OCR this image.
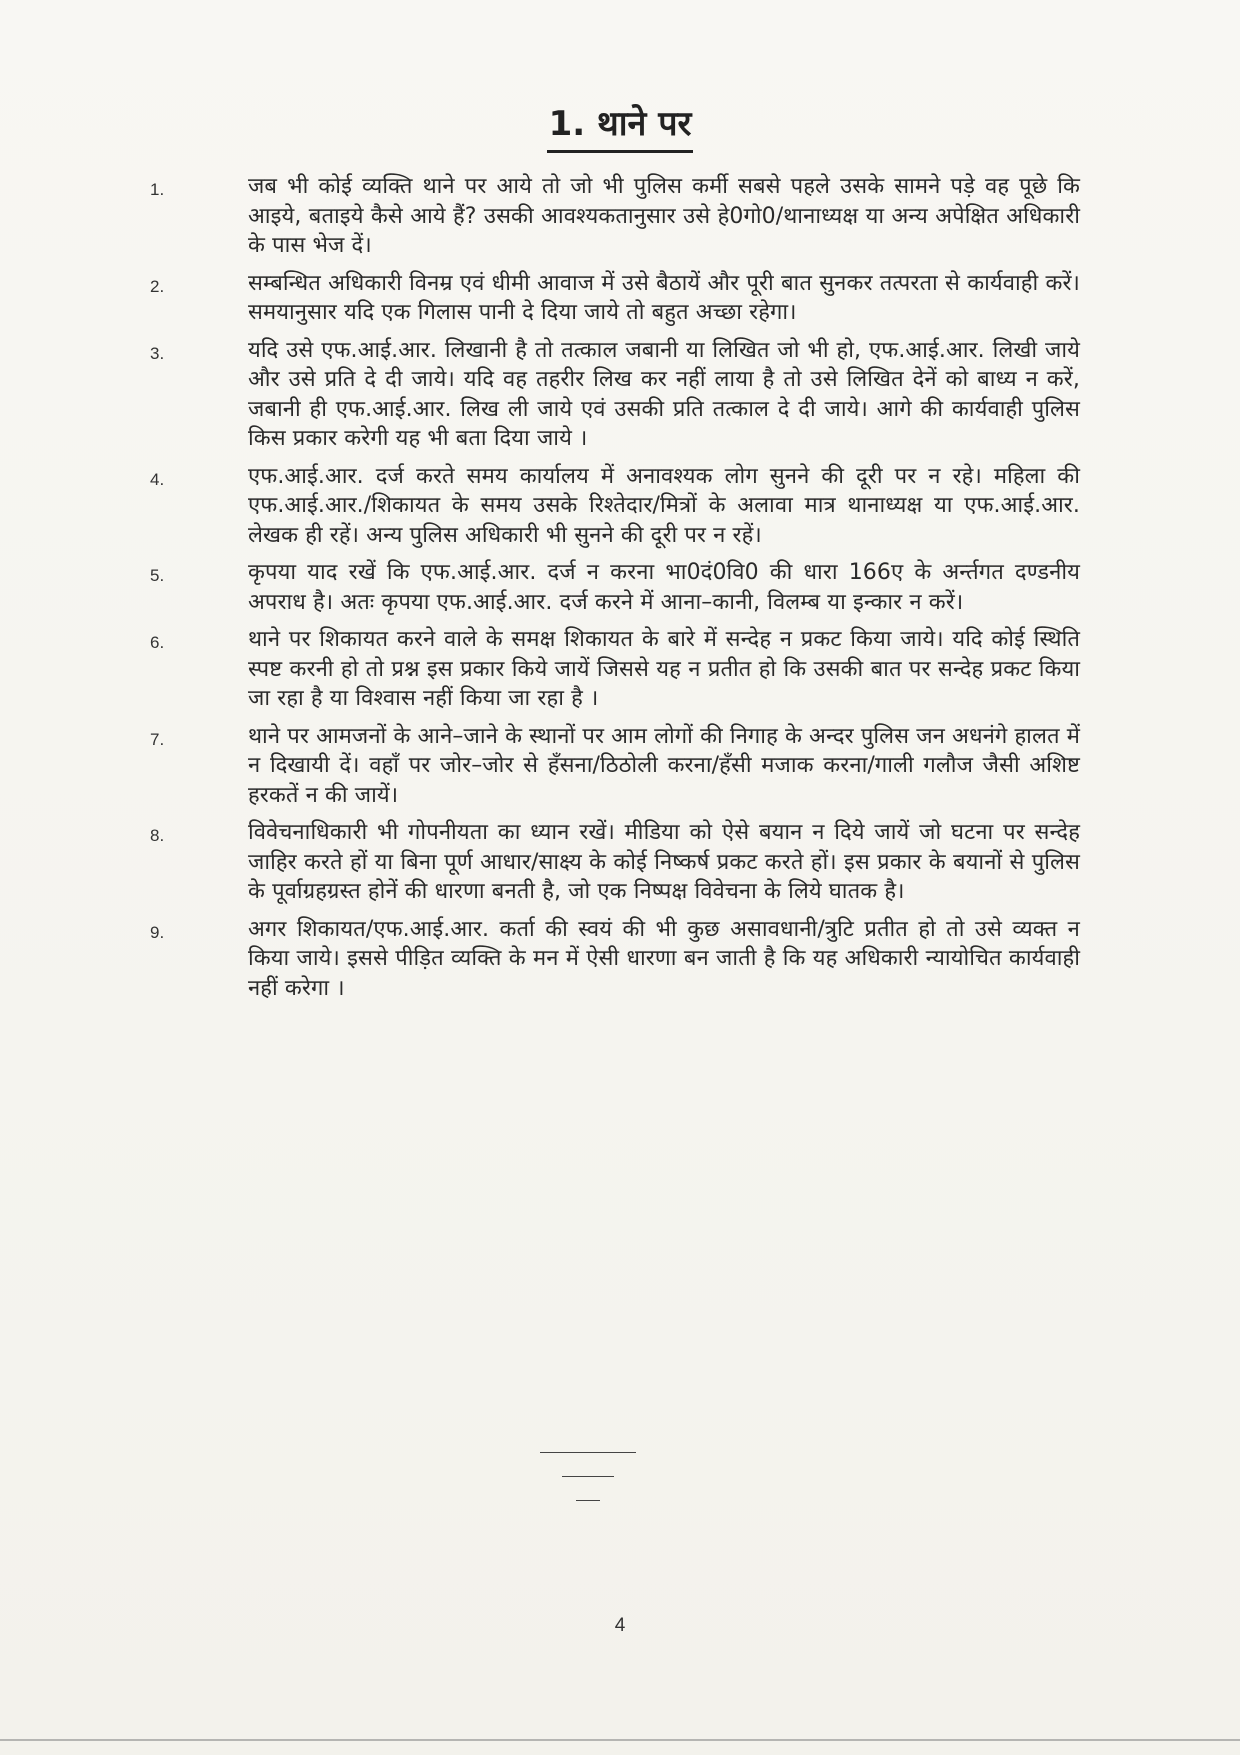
1. थाने पर
1.	जब भी कोई व्यक्ति थाने पर आये तो जो भी पुलिस कर्मी सबसे पहले उसके सामने पड़े वह पूछे कि आइये, बताइये कैसे आये हैं? उसकी आवश्यकतानुसार उसे हे0गो0/थानाध्यक्ष या अन्य अपेक्षित अधिकारी के पास भेज दें।
2.	सम्बन्धित अधिकारी विनम्र एवं धीमी आवाज में उसे बैठायें और पूरी बात सुनकर तत्परता से कार्यवाही करें। समयानुसार यदि एक गिलास पानी दे दिया जाये तो बहुत अच्छा रहेगा।
3.	यदि उसे एफ.आई.आर. लिखानी है तो तत्काल जबानी या लिखित जो भी हो, एफ.आई.आर. लिखी जाये और उसे प्रति दे दी जाये। यदि वह तहरीर लिख कर नहीं लाया है तो उसे लिखित देनें को बाध्य न करें, जबानी ही एफ.आई.आर. लिख ली जाये एवं उसकी प्रति तत्काल दे दी जाये। आगे की कार्यवाही पुलिस किस प्रकार करेगी यह भी बता दिया जाये ।
4.	एफ.आई.आर. दर्ज करते समय कार्यालय में अनावश्यक लोग सुनने की दूरी पर न रहे। महिला की एफ.आई.आर./शिकायत के समय उसके रिश्तेदार/मित्रों के अलावा मात्र थानाध्यक्ष या एफ.आई.आर. लेखक ही रहें। अन्य पुलिस अधिकारी भी सुनने की दूरी पर न रहें।
5.	कृपया याद रखें कि एफ.आई.आर. दर्ज न करना भा0दं0वि0 की धारा 166ए के अर्न्तगत दण्डनीय अपराध है। अतः कृपया एफ.आई.आर. दर्ज करने में आना–कानी, विलम्ब या इन्कार न करें।
6.	थाने पर शिकायत करने वाले के समक्ष शिकायत के बारे में सन्देह न प्रकट किया जाये। यदि कोई स्थिति स्पष्ट करनी हो तो प्रश्न इस प्रकार किये जायें जिससे यह न प्रतीत हो कि उसकी बात पर सन्देह प्रकट किया जा रहा है या विश्वास नहीं किया जा रहा है ।
7.	थाने पर आमजनों के आने–जाने के स्थानों पर आम लोगों की निगाह के अन्दर पुलिस जन अधनंगे हालत में न दिखायी दें। वहाँ पर जोर–जोर से हँसना/ठिठोली करना/हँसी मजाक करना/गाली गलौज जैसी अशिष्ट हरकतें न की जायें।
8.	विवेचनाधिकारी भी गोपनीयता का ध्यान रखें। मीडिया को ऐसे बयान न दिये जायें जो घटना पर सन्देह जाहिर करते हों या बिना पूर्ण आधार/साक्ष्य के कोई निष्कर्ष प्रकट करते हों। इस प्रकार के बयानों से पुलिस के पूर्वाग्रहग्रस्त होनें की धारणा बनती है, जो एक निष्पक्ष विवेचना के लिये घातक है।
9.	अगर शिकायत/एफ.आई.आर. कर्ता की स्वयं की भी कुछ असावधानी/त्रुटि प्रतीत हो तो उसे व्यक्त न किया जाये। इससे पीड़ित व्यक्ति के मन में ऐसी धारणा बन जाती है कि यह अधिकारी न्यायोचित कार्यवाही नहीं करेगा ।
4
